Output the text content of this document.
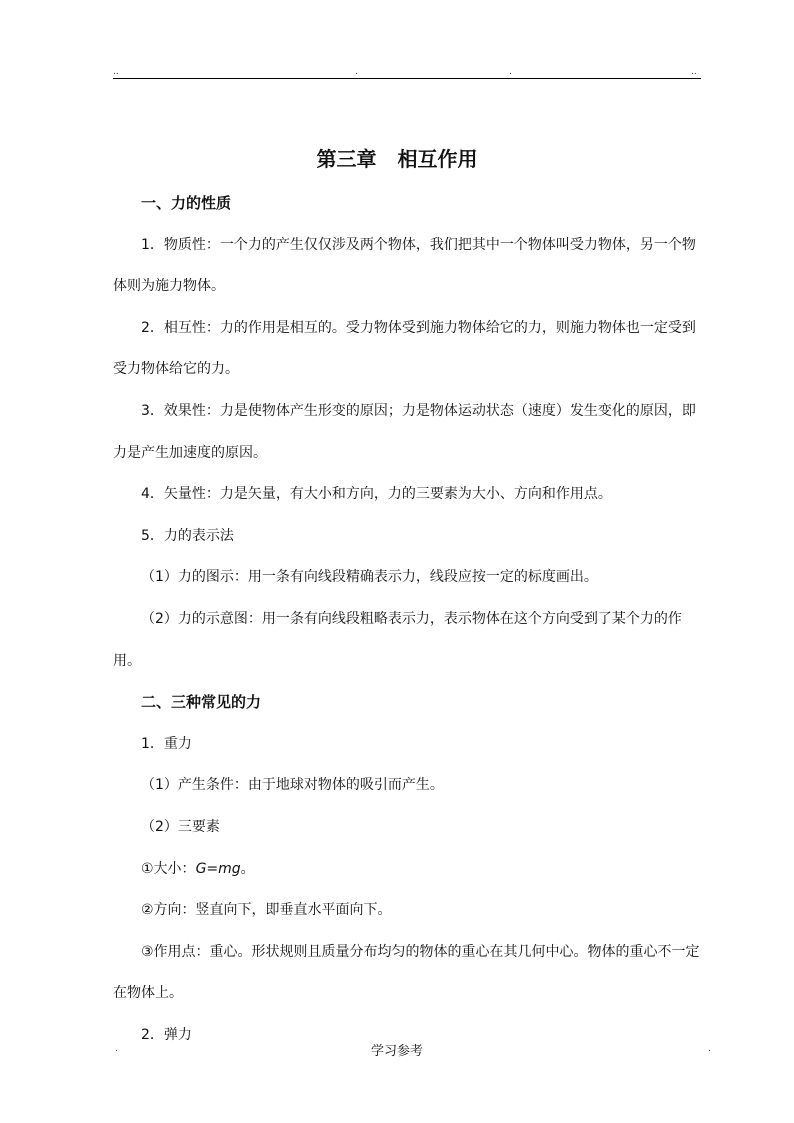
..	.	.	..
第三章 相互作用

一、力的性质

1．物质性：一个力的产生仅仅涉及两个物体，我们把其中一个物体叫受力物体，另一个物

体则为施力物体。

2．相互性：力的作用是相互的。受力物体受到施力物体给它的力，则施力物体也一定受到

受力物体给它的力。

3．效果性：力是使物体产生形变的原因；力是物体运动状态（速度）发生变化的原因，即

力是产生加速度的原因。

4．矢量性：力是矢量，有大小和方向，力的三要素为大小、方向和作用点。

5．力的表示法

（1）力的图示：用一条有向线段精确表示力，线段应按一定的标度画出。

（2）力的示意图：用一条有向线段粗略表示力，表示物体在这个方向受到了某个力的作用。

二、三种常见的力

1．重力

（1）产生条件：由于地球对物体的吸引而产生。

（2）三要素

①大小：G=mg。

②方向：竖直向下，即垂直水平面向下。

③作用点：重心。形状规则且质量分布均匀的物体的重心在其几何中心。物体的重心不一定

在物体上。

2．弹力

.	学习参考	.
